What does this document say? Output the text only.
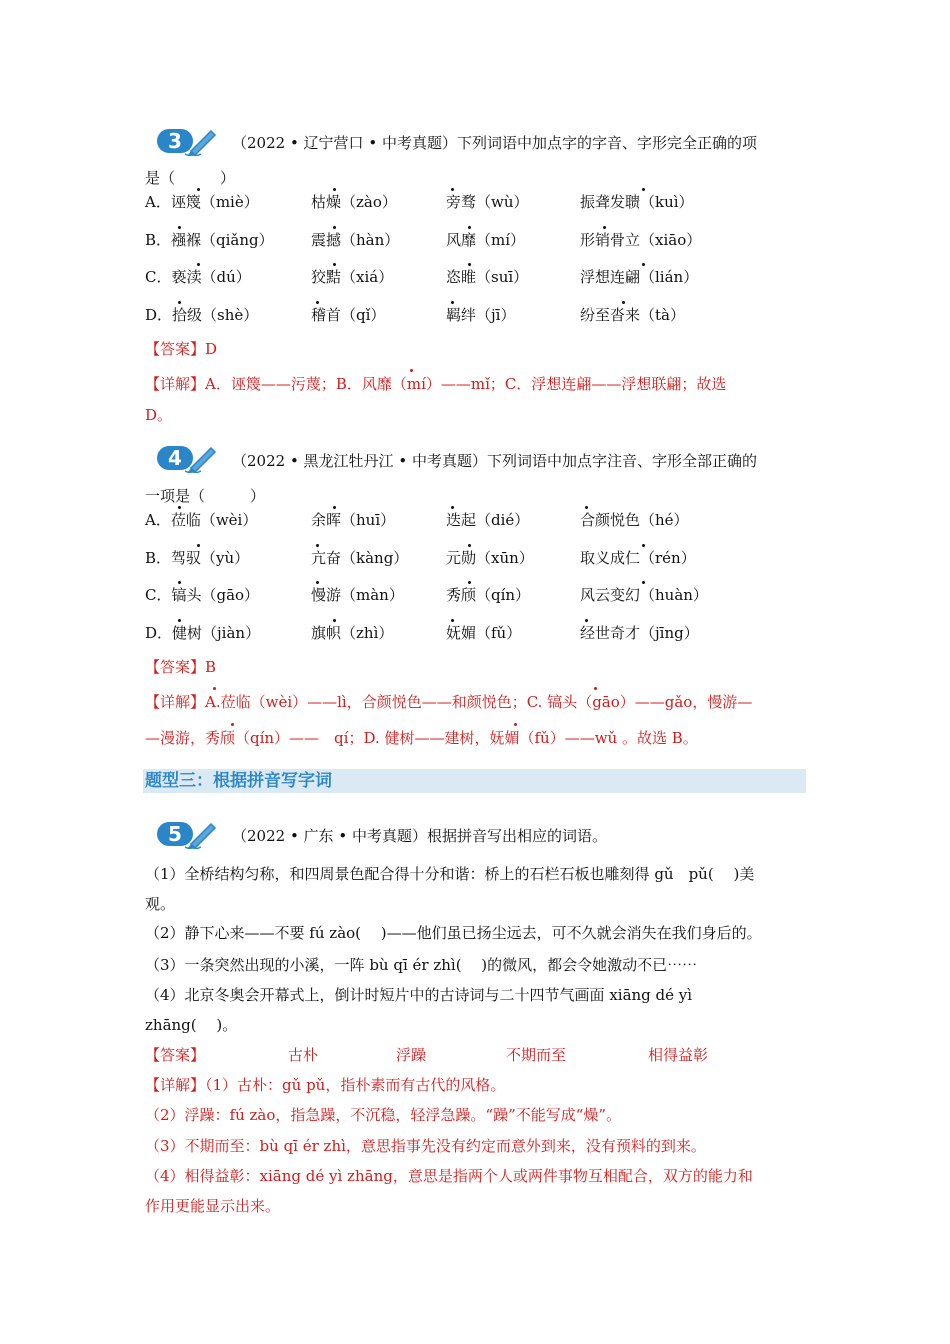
3	（2022 • 辽宁营口 • 中考真题）下列词语中加点字的字音、字形完全正确的项
是（　　　）
A．诬篾（miè）	枯燥（zào）	旁骛（wù）	振聋发聩（kuì）
B．襁褓（qiǎng） 震撼（hàn）	风靡（mí）	形销骨立（xiāo）
C．亵渎（dú）	狡黠（xiá）	恣睢（suī）	浮想连翩（lián）
D．拾级（shè）	稽首（qǐ）	羁绊（jī）	纷至沓来（tà）
【答案】D
【详解】A．诬篾——污蔑；B．风靡（mí）——mǐ；C．浮想连翩——浮想联翩；故选
D。
4	（2022 • 黑龙江牡丹江 • 中考真题）下列词语中加点字注音、字形全部正确的
一项是（　　　）
A．莅临（wèi）	余晖（huī）	迭起（dié）	合颜悦色（hé）
B．驾驭（yù）	亢奋（kàng）	元勋（xūn）	取义成仁（rén）
C．镐头（gāo）	慢游（màn）	秀颀（qín）	风云变幻（huàn）
D．健树（jiàn）	旗帜（zhì）	妩媚（fǔ）	经世奇才（jīng）
【答案】B
【详解】A.莅临（wèi）——lì，合颜悦色——和颜悦色；C. 镐头（gāo）——gǎo，慢游—
—漫游，秀颀（qín）——　qí；D. 健树——建树，妩媚（fǔ）——wǔ 。故选 B。
题型三：根据拼音写字词
5	（2022 • 广东 • 中考真题）根据拼音写出相应的词语。
（1）全桥结构匀称，和四周景色配合得十分和谐：桥上的石栏石板也雕刻得 gǔ　pǔ(　 )美
观。
（2）静下心来——不要 fú zào(　 )——他们虽已扬尘远去，可不久就会消失在我们身后的。
（3）一条突然出现的小溪，一阵 bù qī ér zhì(　 )的微风，都会令她激动不已⋯⋯
（4）北京冬奥会开幕式上，倒计时短片中的古诗词与二十四节气画面 xiāng dé yì
zhāng(　 )。
【答案】	古朴	浮躁	不期而至	相得益彰
【详解】（1）古朴：gǔ pǔ，指朴素而有古代的风格。
（2）浮躁：fú zào，指急躁，不沉稳，轻浮急躁。“躁”不能写成“燥”。
（3）不期而至：bù qī ér zhì，意思指事先没有约定而意外到来，没有预料的到来。
（4）相得益彰：xiāng dé yì zhāng，意思是指两个人或两件事物互相配合，双方的能力和
作用更能显示出来。
